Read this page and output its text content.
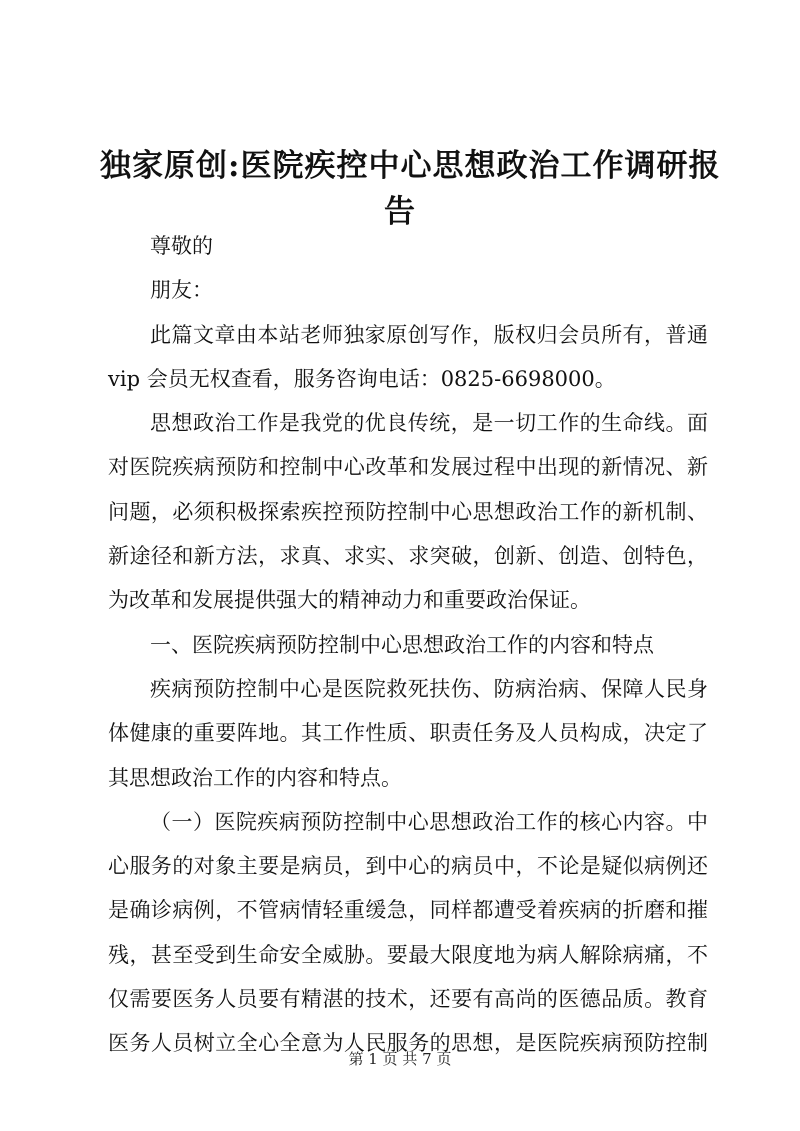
独家原创:医院疾控中心思想政治工作调研报
告
尊敬的
朋友：
此篇文章由本站老师独家原创写作，版权归会员所有，普通
vip 会员无权查看，服务咨询电话：0825-6698000。
思想政治工作是我党的优良传统，是一切工作的生命线。面
对医院疾病预防和控制中心改革和发展过程中出现的新情况、新
问题，必须积极探索疾控预防控制中心思想政治工作的新机制、
新途径和新方法，求真、求实、求突破，创新、创造、创特色，
为改革和发展提供强大的精神动力和重要政治保证。
一、医院疾病预防控制中心思想政治工作的内容和特点
疾病预防控制中心是医院救死扶伤、防病治病、保障人民身
体健康的重要阵地。其工作性质、职责任务及人员构成，决定了
其思想政治工作的内容和特点。
（一）医院疾病预防控制中心思想政治工作的核心内容。中
心服务的对象主要是病员，到中心的病员中，不论是疑似病例还
是确诊病例，不管病情轻重缓急，同样都遭受着疾病的折磨和摧
残，甚至受到生命安全威胁。要最大限度地为病人解除病痛，不
仅需要医务人员要有精湛的技术，还要有高尚的医德品质。教育
医务人员树立全心全意为人民服务的思想，是医院疾病预防控制
第 1 页 共 7 页
